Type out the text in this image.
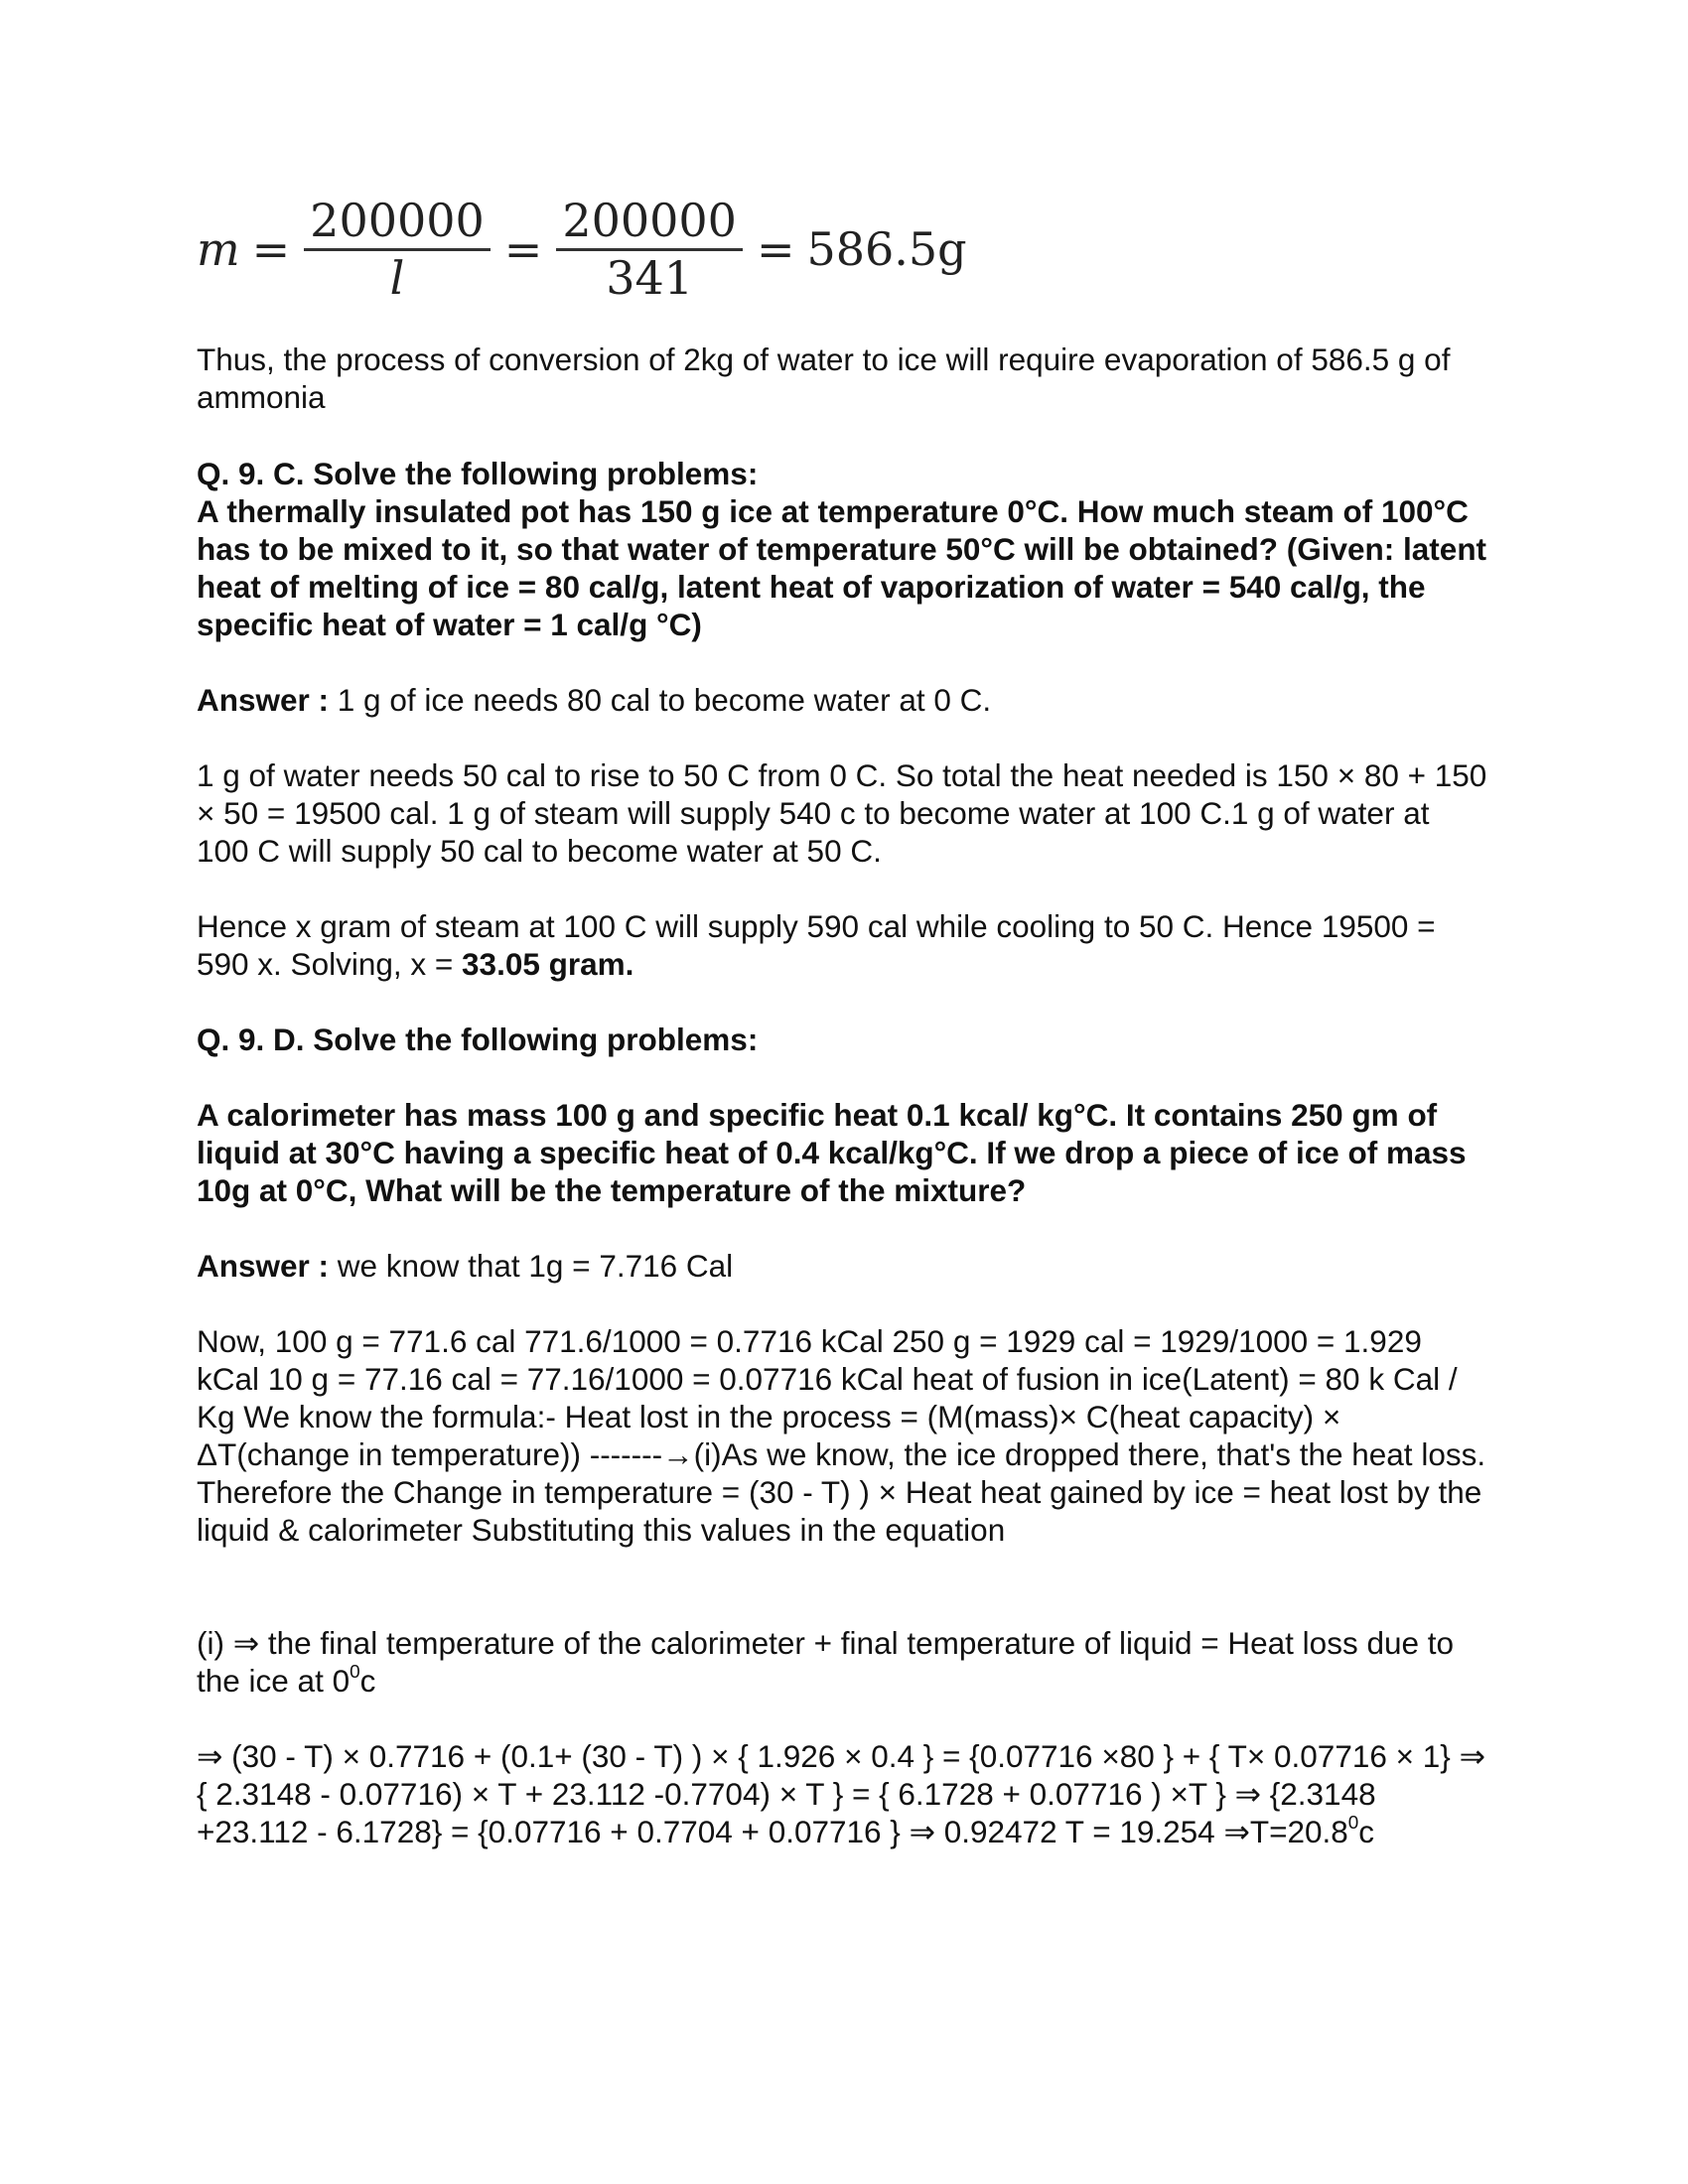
$m = \frac{200000}{l} = \frac{200000}{341} = 586.5g$

Thus, the process of conversion of 2kg of water to ice will require evaporation of 586.5 g of ammonia

Q. 9. C. Solve the following problems:

A thermally insulated pot has 150 g ice at temperature 0°C. How much steam of 100°C has to be mixed to it, so that water of temperature 50°C will be obtained? (Given: latent heat of melting of ice = 80 cal/g, latent heat of vaporization of water = 540 cal/g, the specific heat of water = 1 cal/g °C)

Answer : 1 g of ice needs 80 cal to become water at 0 C.

1 g of water needs 50 cal to rise to 50 C from 0 C. So total the heat needed is 150 × 80 + 150 × 50 = 19500 cal. 1 g of steam will supply 540 c to become water at 100 C.1 g of water at 100 C will supply 50 cal to become water at 50 C.

Hence x gram of steam at 100 C will supply 590 cal while cooling to 50 C. Hence 19500 = 590 x. Solving, x = 33.05 gram.

Q. 9. D. Solve the following problems:

A calorimeter has mass 100 g and specific heat 0.1 kcal/ kg°C. It contains 250 gm of liquid at 30°C having a specific heat of 0.4 kcal/kg°C. If we drop a piece of ice of mass 10g at 0°C, What will be the temperature of the mixture?

Answer : we know that 1g = 7.716 Cal

Now, 100 g = 771.6 cal 771.6/1000 = 0.7716 kCal 250 g = 1929 cal = 1929/1000 = 1.929 kCal 10 g = 77.16 cal = 77.16/1000 = 0.07716 kCal heat of fusion in ice(Latent) = 80 k Cal / Kg We know the formula:- Heat lost in the process = (M(mass)× C(heat capacity) × ΔT(change in temperature)) -------→(i)As we know, the ice dropped there, that's the heat loss. Therefore the Change in temperature = (30 - T) ) × Heat heat gained by ice = heat lost by the liquid & calorimeter Substituting this values in the equation

(i) ⇒ the final temperature of the calorimeter + final temperature of liquid = Heat loss due to the ice at $0^0c$

⇒ (30 - T) × 0.7716 + (0.1+ (30 - T) ) × { 1.926 × 0.4 } = {0.07716 ×80 } + { T× 0.07716 × 1} ⇒ { 2.3148 - 0.07716) × T + 23.112 -0.7704) × T } = { 6.1728 + 0.07716 ) ×T } ⇒ {2.3148 +23.112 - 6.1728} = {0.07716 + 0.7704 + 0.07716 } ⇒ 0.92472 T = 19.254 $\Rightarrow T=20.8^0c$
